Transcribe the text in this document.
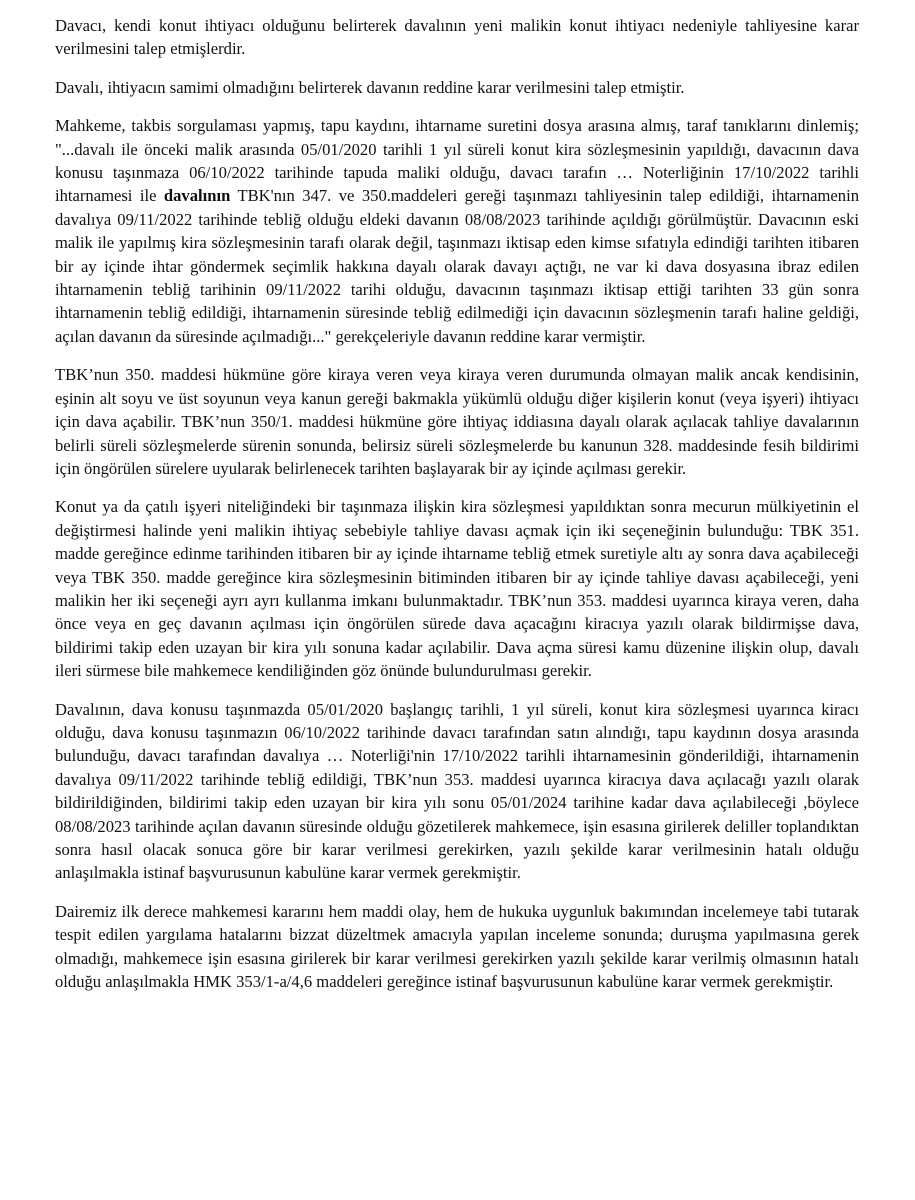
Davacı, kendi konut ihtiyacı olduğunu belirterek davalının yeni malikin konut ihtiyacı nedeniyle tahliyesine karar verilmesini talep etmişlerdir.

Davalı, ihtiyacın samimi olmadığını belirterek davanın reddine karar verilmesini talep etmiştir.

Mahkeme, takbis sorgulaması yapmış, tapu kaydını, ihtarname suretini dosya arasına almış, taraf tanıklarını dinlemiş; "...davalı ile önceki malik arasında 05/01/2020 tarihli 1 yıl süreli konut kira sözleşmesinin yapıldığı, davacının dava konusu taşınmaza 06/10/2022 tarihinde tapuda maliki olduğu, davacı tarafın … Noterliğinin 17/10/2022 tarihli ihtarnamesi ile davalının TBK'nın 347. ve 350.maddeleri gereği taşınmazı tahliyesinin talep edildiği, ihtarnamenin davalıya 09/11/2022 tarihinde tebliğ olduğu eldeki davanın 08/08/2023 tarihinde açıldığı görülmüştür. Davacının eski malik ile yapılmış kira sözleşmesinin tarafı olarak değil, taşınmazı iktisap eden kimse sıfatıyla edindiği tarihten itibaren bir ay içinde ihtar göndermek seçimlik hakkına dayalı olarak davayı açtığı, ne var ki dava dosyasına ibraz edilen ihtarnamenin tebliğ tarihinin 09/11/2022 tarihi olduğu, davacının taşınmazı iktisap ettiği tarihten 33 gün sonra ihtarnamenin tebliğ edildiği, ihtarnamenin süresinde tebliğ edilmediği için davacının sözleşmenin tarafı haline geldiği, açılan davanın da süresinde açılmadığı..." gerekçeleriyle davanın reddine karar vermiştir.

TBK’nun 350. maddesi hükmüne göre kiraya veren veya kiraya veren durumunda olmayan malik ancak kendisinin, eşinin alt soyu ve üst soyunun veya kanun gereği bakmakla yükümlü olduğu diğer kişilerin konut (veya işyeri) ihtiyacı için dava açabilir. TBK’nun 350/1. maddesi hükmüne göre ihtiyaç iddiasına dayalı olarak açılacak tahliye davalarının belirli süreli sözleşmelerde sürenin sonunda, belirsiz süreli sözleşmelerde bu kanunun 328. maddesinde fesih bildirimi için öngörülen sürelere uyularak belirlenecek tarihten başlayarak bir ay içinde açılması gerekir.

Konut ya da çatılı işyeri niteliğindeki bir taşınmaza ilişkin kira sözleşmesi yapıldıktan sonra mecurun mülkiyetinin el değiştirmesi halinde yeni malikin ihtiyaç sebebiyle tahliye davası açmak için iki seçeneğinin bulunduğu: TBK 351. madde gereğince edinme tarihinden itibaren bir ay içinde ihtarname tebliğ etmek suretiyle altı ay sonra dava açabileceği veya TBK 350. madde gereğince kira sözleşmesinin bitiminden itibaren bir ay içinde tahliye davası açabileceği, yeni malikin her iki seçeneği ayrı ayrı kullanma imkanı bulunmaktadır. TBK’nun 353. maddesi uyarınca kiraya veren, daha önce veya en geç davanın açılması için öngörülen sürede dava açacağını kiracıya yazılı olarak bildirmişse dava, bildirimi takip eden uzayan bir kira yılı sonuna kadar açılabilir. Dava açma süresi kamu düzenine ilişkin olup, davalı ileri sürmese bile mahkemece kendiliğinden göz önünde bulundurulması gerekir.

Davalının, dava konusu taşınmazda 05/01/2020 başlangıç tarihli, 1 yıl süreli, konut kira sözleşmesi uyarınca kiracı olduğu, dava konusu taşınmazın 06/10/2022 tarihinde davacı tarafından satın alındığı, tapu kaydının dosya arasında bulunduğu, davacı tarafından davalıya … Noterliği'nin 17/10/2022 tarihli ihtarnamesinin gönderildiği, ihtarnamenin davalıya 09/11/2022 tarihinde tebliğ edildiği, TBK’nun 353. maddesi uyarınca kiracıya dava açılacağı yazılı olarak bildirildiğinden, bildirimi takip eden uzayan bir kira yılı sonu 05/01/2024 tarihine kadar dava açılabileceği ,böylece 08/08/2023 tarihinde açılan davanın süresinde olduğu gözetilerek mahkemece, işin esasına girilerek deliller toplandıktan sonra hasıl olacak sonuca göre bir karar verilmesi gerekirken, yazılı şekilde karar verilmesinin hatalı olduğu anlaşılmakla istinaf başvurusunun kabulüne karar vermek gerekmiştir.

Dairemiz ilk derece mahkemesi kararını hem maddi olay, hem de hukuka uygunluk bakımından incelemeye tabi tutarak tespit edilen yargılama hatalarını bizzat düzeltmek amacıyla yapılan inceleme sonunda; duruşma yapılmasına gerek olmadığı, mahkemece işin esasına girilerek bir karar verilmesi gerekirken yazılı şekilde karar verilmiş olmasının hatalı olduğu anlaşılmakla HMK 353/1-a/4,6 maddeleri gereğince istinaf başvurusunun kabulüne karar vermek gerekmiştir.
